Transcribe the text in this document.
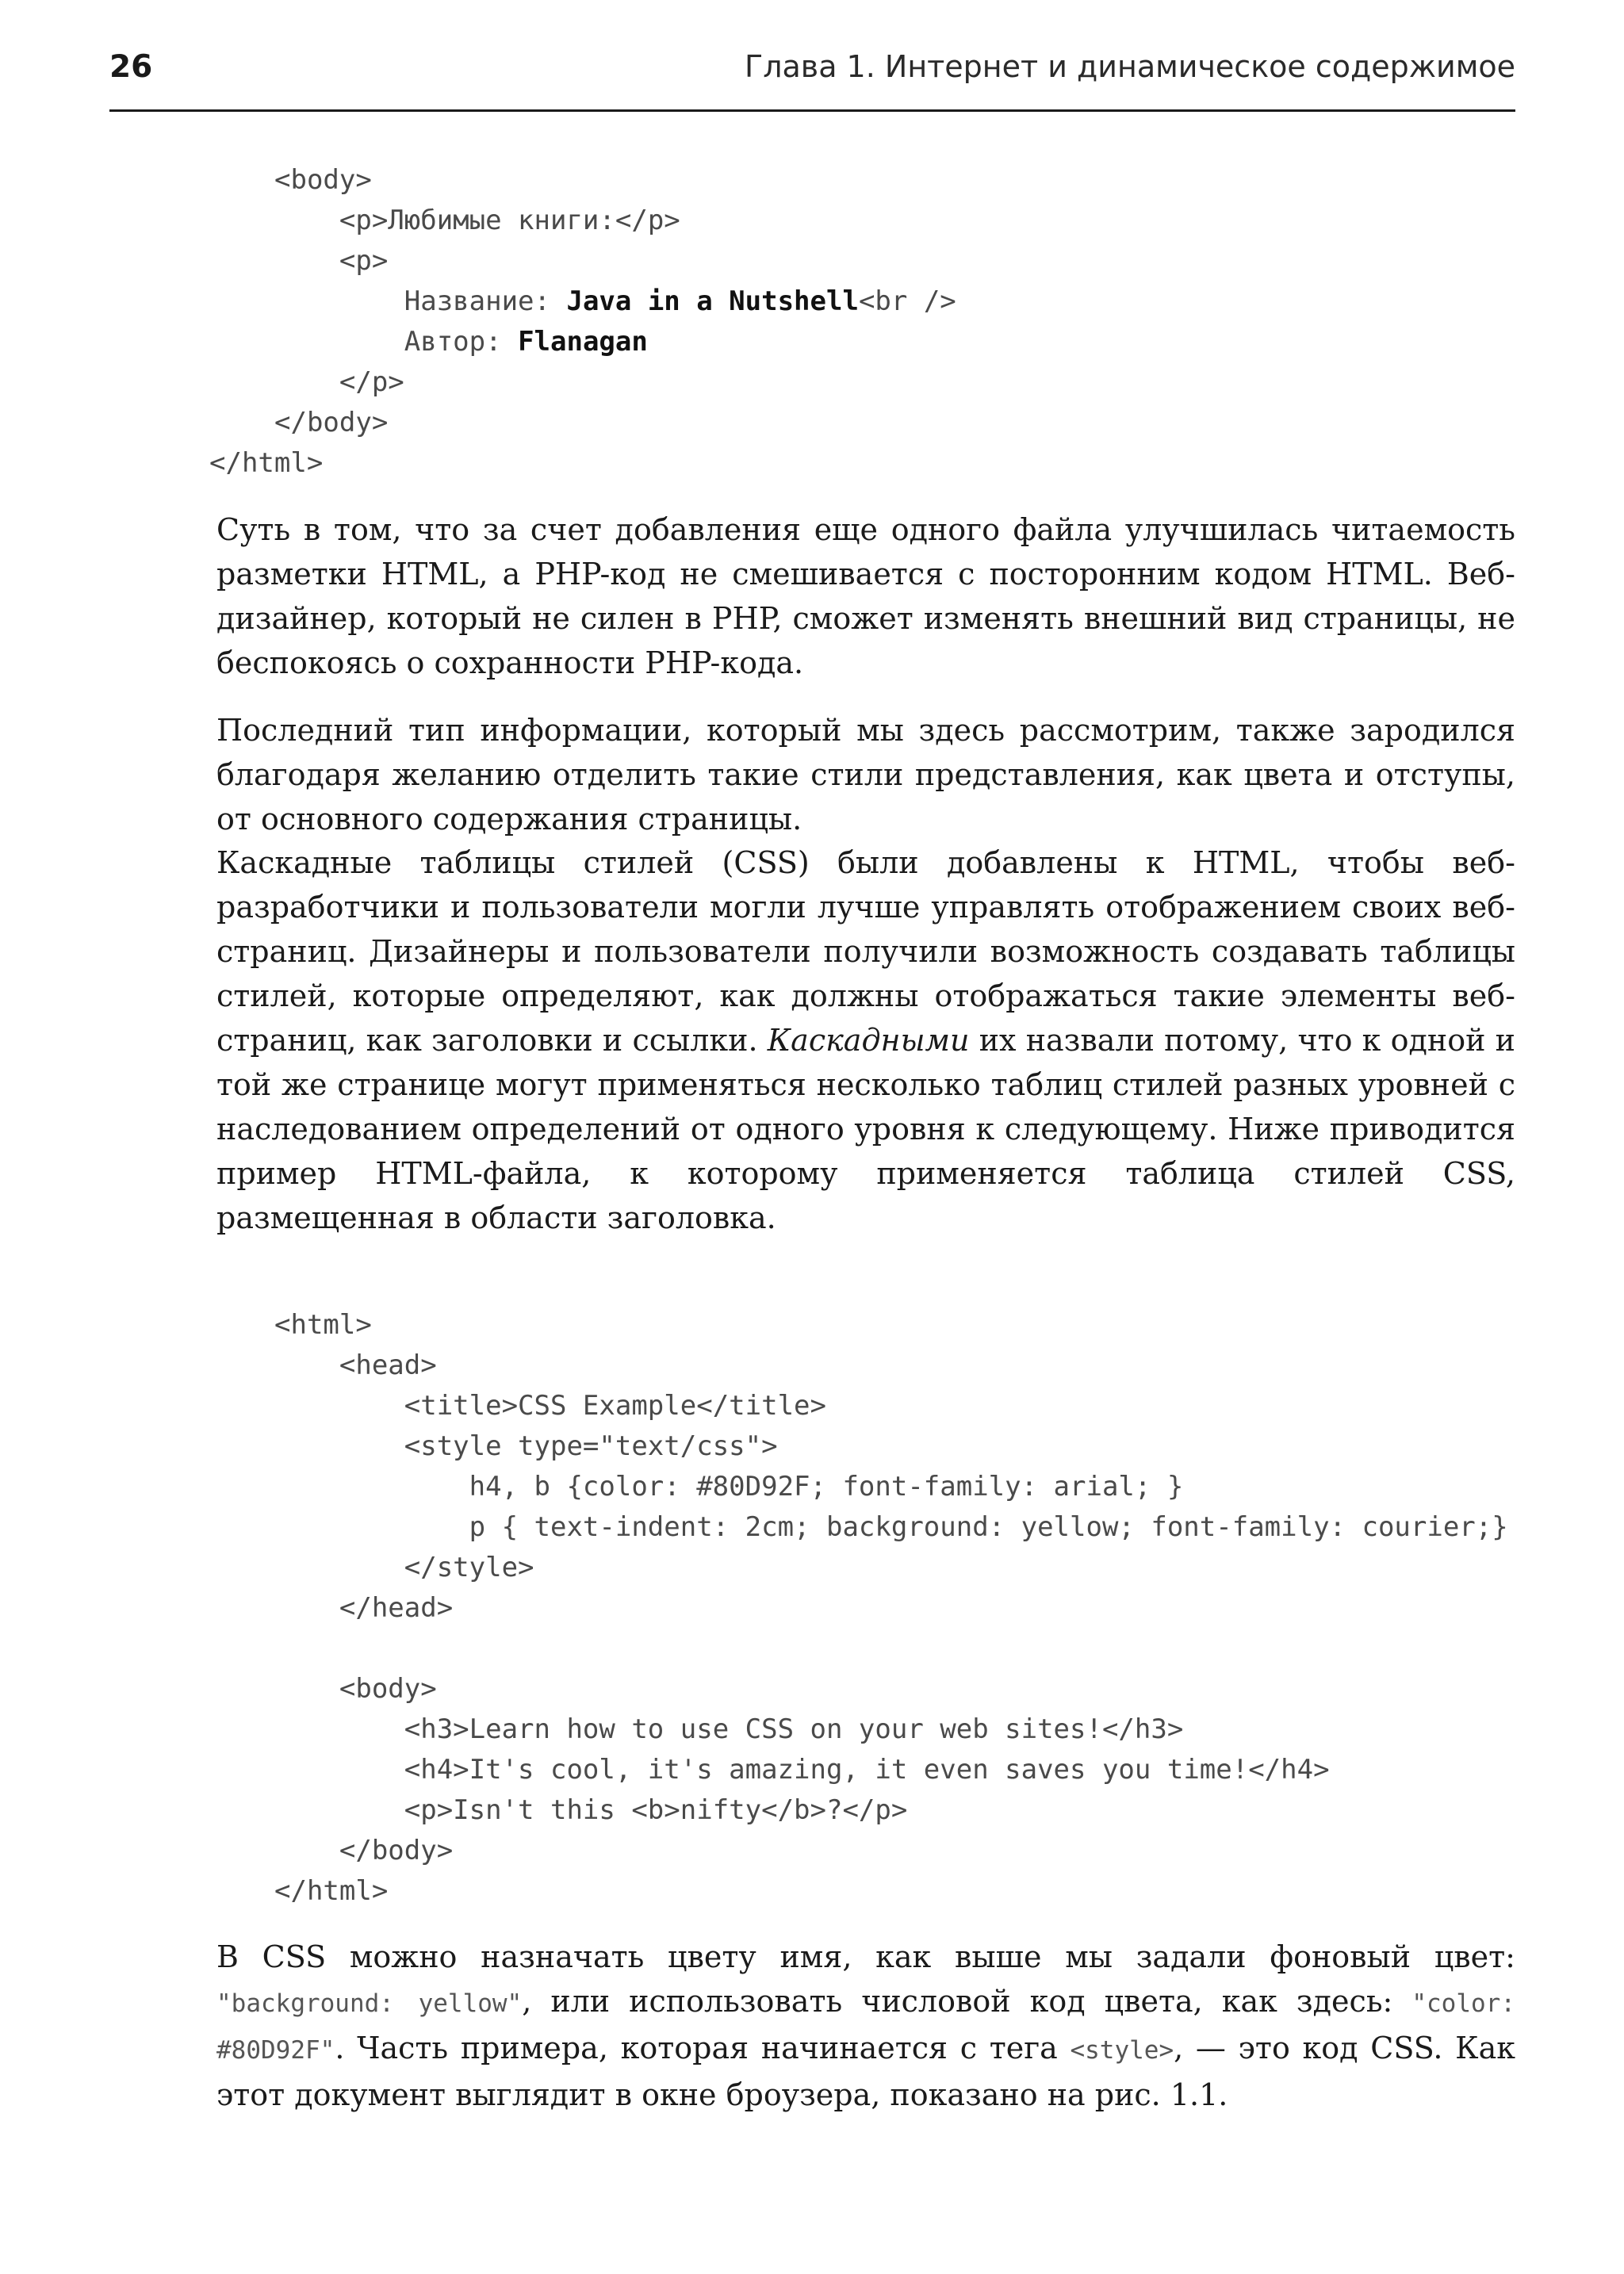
26	Глава 1. Интернет и динамическое содержимое
<body>
<p>Любимые книги:</p>
<p>
Название: Java in a Nutshell<br />
Автор: Flanagan
</p>
</body>
</html>

Суть в том, что за счет добавления еще одного файла улучшилась читаемость разметки HTML, а PHP-код не смешивается с посторонним кодом HTML. Веб-дизайнер, который не силен в PHP, сможет изменять внешний вид страницы, не беспокоясь о сохранности PHP-кода.

Последний тип информации, который мы здесь рассмотрим, также зародился благодаря желанию отделить такие стили представления, как цвета и отступы, от основного содержания страницы.

Каскадные таблицы стилей (CSS) были добавлены к HTML, чтобы веб-разработчики и пользователи могли лучше управлять отображением своих веб-страниц. Дизайнеры и пользователи получили возможность создавать таблицы стилей, которые определяют, как должны отображаться такие элементы веб-страниц, как заголовки и ссылки. Каскадными их назвали потому, что к одной и той же странице могут применяться несколько таблиц стилей разных уровней с наследованием определений от одного уровня к следующему. Ниже приводится пример HTML-файла, к которому применяется таблица стилей CSS, размещенная в области заголовка.

<html>
<head>
<title>CSS Example</title>
<style type="text/css">
h4, b {color: #80D92F; font-family: arial; }
p { text-indent: 2cm; background: yellow; font-family: courier;}
</style>
</head>

<body>
<h3>Learn how to use CSS on your web sites!</h3>
<h4>It's cool, it's amazing, it even saves you time!</h4>
<p>Isn't this <b>nifty</b>?</p>
</body>
</html>

В CSS можно назначать цвету имя, как выше мы задали фоновый цвет: "background: yellow", или использовать числовой код цвета, как здесь: "color: #80D92F". Часть примера, которая начинается с тега <style>, — это код CSS. Как этот документ выглядит в окне броузера, показано на рис. 1.1.
